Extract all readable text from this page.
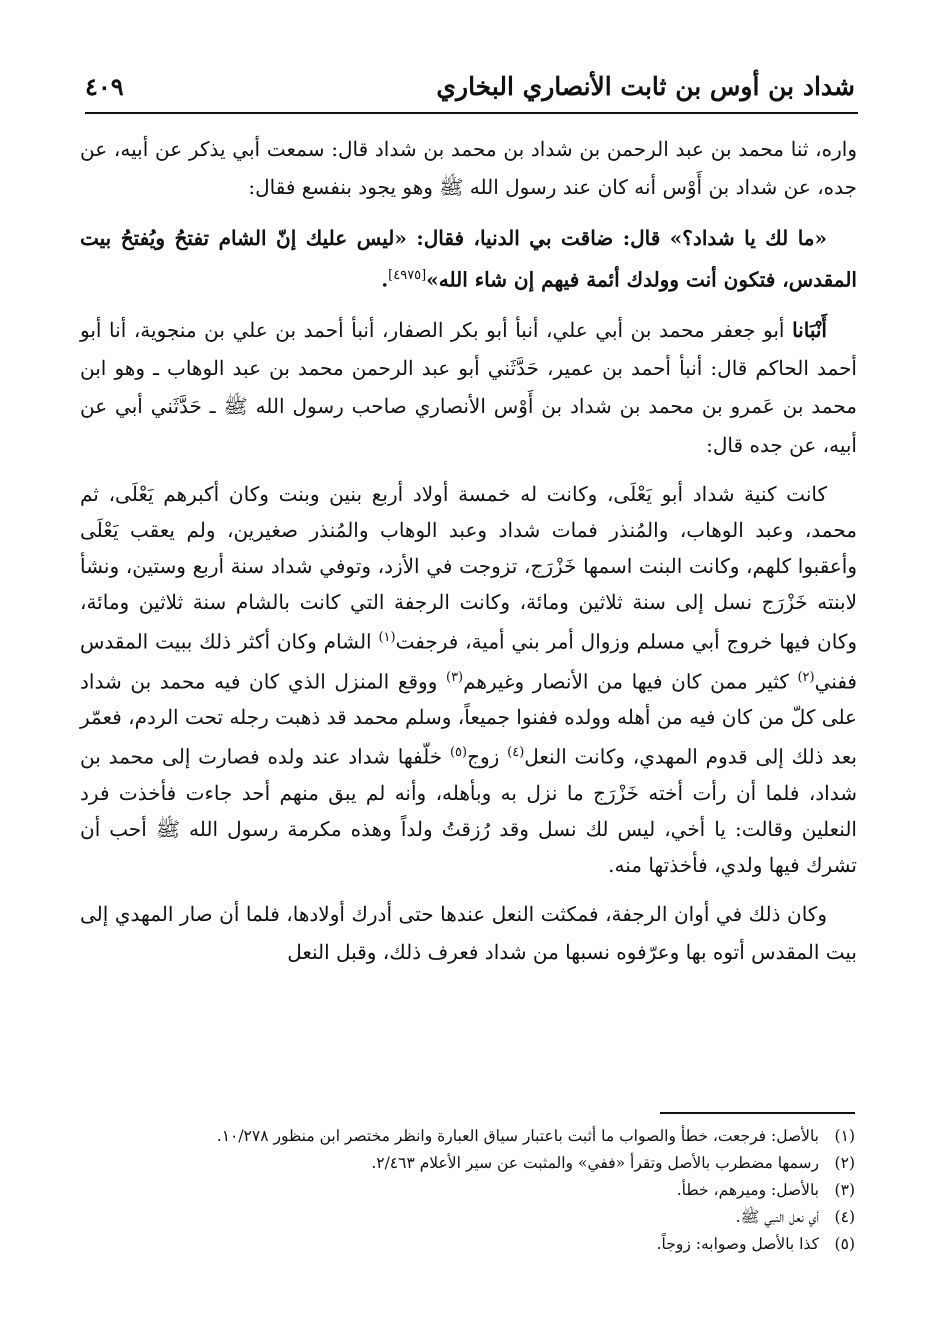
شداد بن أوس بن ثابت الأنصاري البخاري
٤٠٩

واره، ثنا محمد بن عبد الرحمن بن شداد بن محمد بن شداد قال: سمعت أبي يذكر عن أبيه، عن جده، عن شداد بن أَوْس أنه كان عند رسول الله ﷺ وهو يجود بنفسع فقال:

«ما لك يا شداد؟» قال: ضاقت بي الدنيا، فقال: «ليس عليك إنّ الشام تفتحُ ويُفتحُ بيت المقدس، فتكون أنت وولدك أئمة فيهم إن شاء الله»[٤٩٧٥].

أَنْبَانا أبو جعفر محمد بن أبي علي، أنبأ أبو بكر الصفار، أنبأ أحمد بن علي بن منجوية، أنا أبو أحمد الحاكم قال: أنبأ أحمد بن عمير، حَدَّثَني أبو عبد الرحمن محمد بن عبد الوهاب ـ وهو ابن محمد بن عَمرو بن محمد بن شداد بن أَوْس الأنصاري صاحب رسول الله ﷺ ـ حَدَّثَني أبي عن أبيه، عن جده قال:

كانت كنية شداد أبو يَعْلَى، وكانت له خمسة أولاد أربع بنين وبنت وكان أكبرهم يَعْلَى، ثم محمد، وعبد الوهاب، والمُنذر فمات شداد وعبد الوهاب والمُنذر صغيرين، ولم يعقب يَعْلَى وأعقبوا كلهم، وكانت البنت اسمها خَزْرَج، تزوجت في الأزد، وتوفي شداد سنة أربع وستين، ونشأ لابنته خَزْرَج نسل إلى سنة ثلاثين ومائة، وكانت الرجفة التي كانت بالشام سنة ثلاثين ومائة، وكان فيها خروج أبي مسلم وزوال أمر بني أمية، فرجفت$^{(١)}$ الشام وكان أكثر ذلك ببيت المقدس ففني$^{(٢)}$ كثير ممن كان فيها من الأنصار وغيرهم$^{(٣)}$ ووقع المنزل الذي كان فيه محمد بن شداد على كلّ من كان فيه من أهله وولده ففنوا جميعاً، وسلم محمد قد ذهبت رجله تحت الردم، فعمّر بعد ذلك إلى قدوم المهدي، وكانت النعل$^{(٤)}$ زوج$^{(٥)}$ خلّفها شداد عند ولده فصارت إلى محمد بن شداد، فلما أن رأت أخته خَزْرَج ما نزل به وبأهله، وأنه لم يبق منهم أحد جاءت فأخذت فرد النعلين وقالت: يا أخي، ليس لك نسل وقد رُزقتُ ولداً وهذه مكرمة رسول الله ﷺ أحب أن تشرك فيها ولدي، فأخذتها منه.

وكان ذلك في أوان الرجفة، فمكثت النعل عندها حتى أدرك أولادها، فلما أن صار المهدي إلى بيت المقدس أتوه بها وعرّفوه نسبها من شداد فعرف ذلك، وقبل النعل

(١)
بالأصل: فرجعت، خطأ والصواب ما أثبت باعتبار سياق العبارة وانظر مختصر ابن منظور ١٠/٢٧٨.
(٢)
رسمها مضطرب بالأصل وتقرأ «ففي» والمثبت عن سير الأعلام ٢/٤٦٣.
(٣)
بالأصل: وميرهم، خطأ.
(٤)
أي نعل النبي ﷺ.
(٥)
كذا بالأصل وصوابه: زوجاً.
